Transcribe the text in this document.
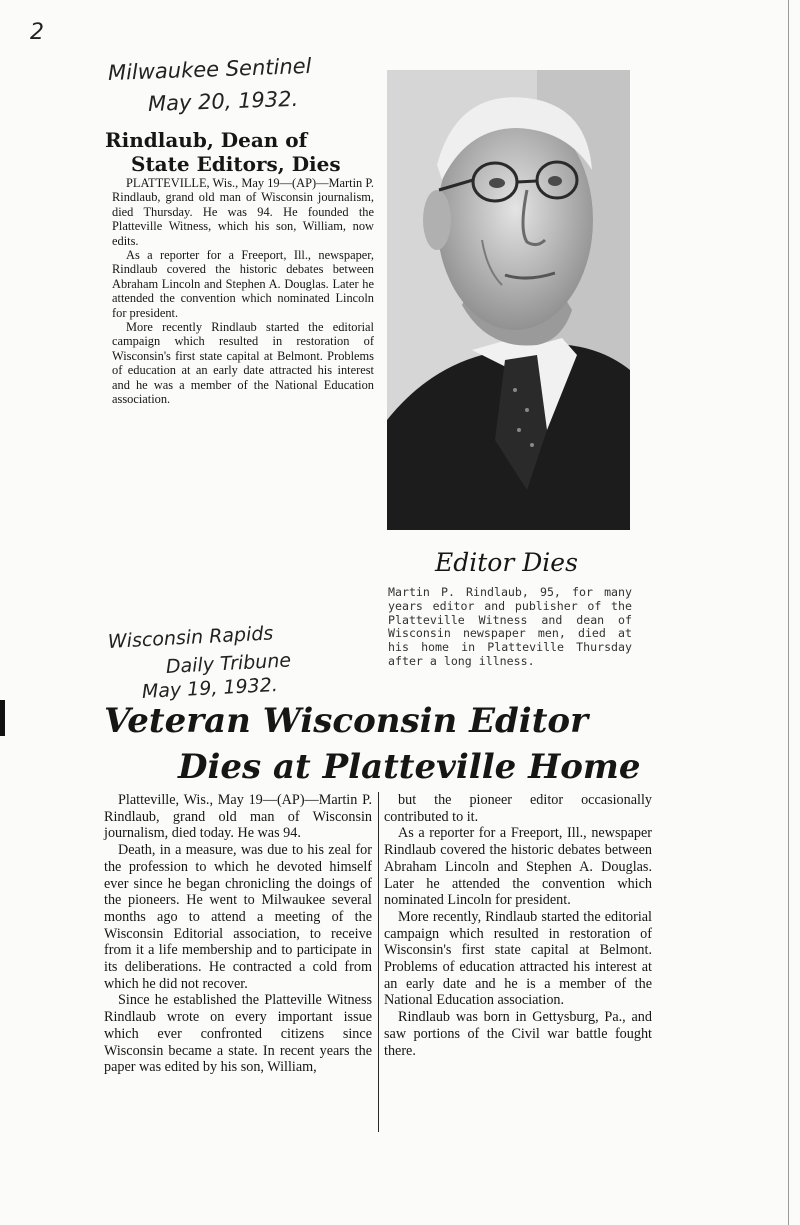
2
Milwaukee Sentinel
May 20, 1932.
Rindlaub, Dean of
State Editors, Dies

PLATTEVILLE, Wis., May 19—(AP)—Martin P. Rindlaub, grand old man of Wisconsin journalism, died Thursday. He was 94. He founded the Platteville Witness, which his son, William, now edits.

As a reporter for a Freeport, Ill., newspaper, Rindlaub covered the historic debates between Abraham Lincoln and Stephen A. Douglas. Later he attended the convention which nominated Lincoln for president.

More recently Rindlaub started the editorial campaign which resulted in restoration of Wisconsin's first state capital at Belmont. Problems of education at an early date attracted his interest and he was a member of the National Education association.

Editor Dies
Martin P. Rindlaub, 95, for many years editor and publisher of the Platteville Witness and dean of Wisconsin newspaper men, died at his home in Platteville Thursday after a long illness.
Wisconsin Rapids
Daily Tribune
May 19, 1932.
Veteran Wisconsin Editor
Dies at Platteville Home

Platteville, Wis., May 19—(AP)—Martin P. Rindlaub, grand old man of Wisconsin journalism, died today. He was 94.

Death, in a measure, was due to his zeal for the profession to which he devoted himself ever since he began chronicling the doings of the pioneers. He went to Milwaukee several months ago to attend a meeting of the Wisconsin Editorial association, to receive from it a life membership and to participate in its deliberations. He contracted a cold from which he did not recover.

Since he established the Platteville Witness Rindlaub wrote on every important issue which ever confronted citizens since Wisconsin became a state. In recent years the paper was edited by his son, William,

but the pioneer editor occasionally contributed to it.

As a reporter for a Freeport, Ill., newspaper Rindlaub covered the historic debates between Abraham Lincoln and Stephen A. Douglas. Later he attended the convention which nominated Lincoln for president.

More recently, Rindlaub started the editorial campaign which resulted in restoration of Wisconsin's first state capital at Belmont. Problems of education attracted his interest at an early date and he is a member of the National Education association.

Rindlaub was born in Gettysburg, Pa., and saw portions of the Civil war battle fought there.
